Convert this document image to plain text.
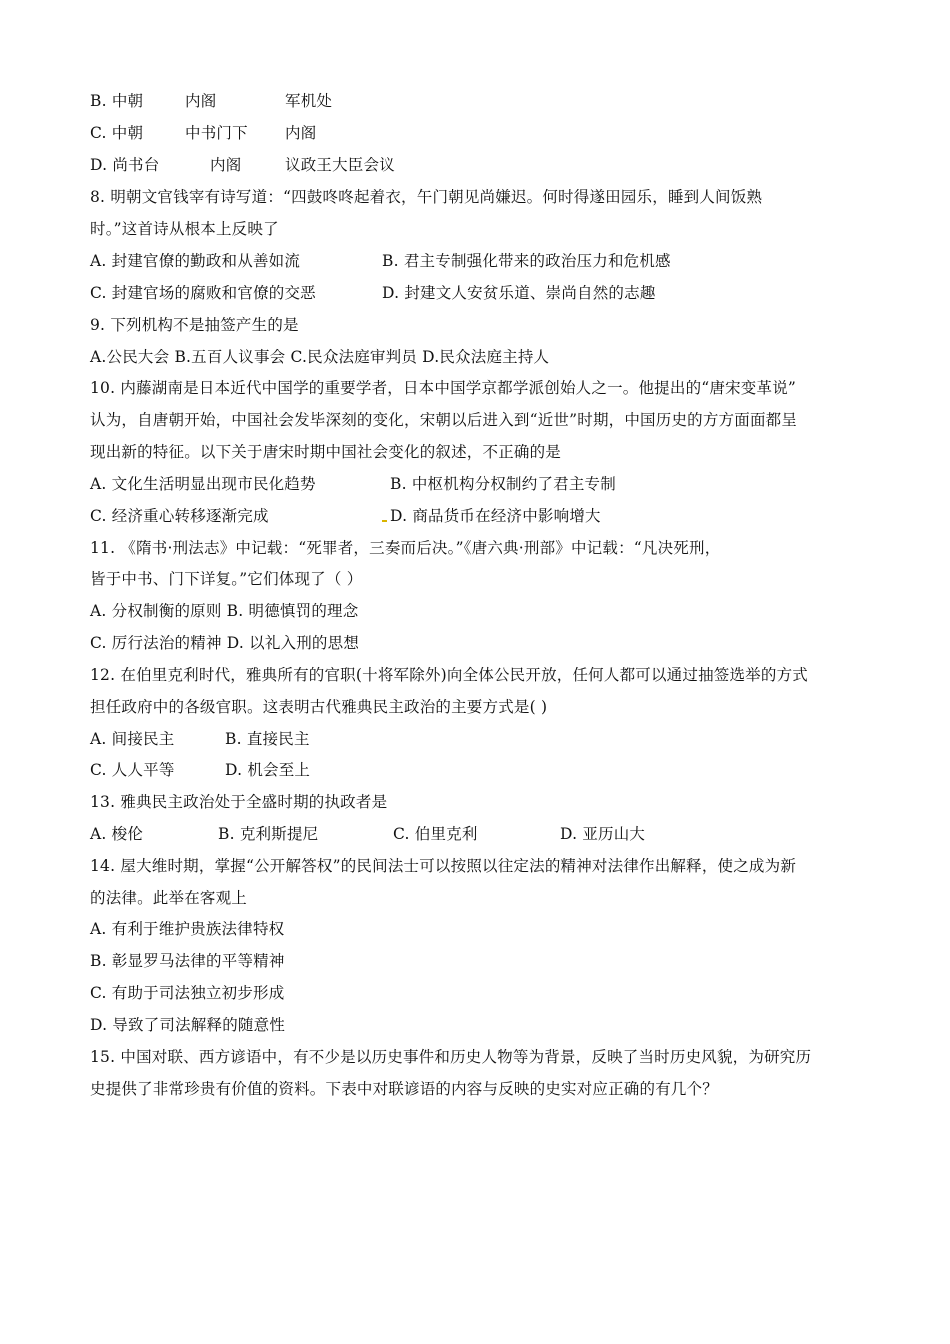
B. 中朝	内阁	军机处
C. 中朝	中书门下 内阁
D. 尚书台	内阁	议政王大臣会议
8. 明朝文官钱宰有诗写道：“四鼓咚咚起着衣，午门朝见尚嫌迟。何时得遂田园乐，睡到人间饭熟
时。”这首诗从根本上反映了
A. 封建官僚的勤政和从善如流	B. 君主专制强化带来的政治压力和危机感
C. 封建官场的腐败和官僚的交恶	D. 封建文人安贫乐道、崇尚自然的志趣
9. 下列机构不是抽签产生的是
A.公民大会 B.五百人议事会 C.民众法庭审判员 D.民众法庭主持人
10. 内藤湖南是日本近代中国学的重要学者，日本中国学京都学派创始人之一。他提出的“唐宋变革说”
认为，自唐朝开始，中国社会发毕深刻的变化，宋朝以后进入到“近世”时期，中国历史的方方面面都呈
现出新的特征。以下关于唐宋时期中国社会变化的叙述，不正确的是
A. 文化生活明显出现市民化趋势	B. 中枢机构分权制约了君主专制
C. 经济重心转移逐渐完成	D. 商品货币在经济中影响增大
11. 《隋书·刑法志》中记载：“死罪者，三奏而后决。”《唐六典·刑部》中记载：“凡决死刑，
皆于中书、门下详复。”它们体现了（ ）
A. 分权制衡的原则 B. 明德慎罚的理念
C. 厉行法治的精神 D. 以礼入刑的思想
12. 在伯里克利时代，雅典所有的官职(十将军除外)向全体公民开放，任何人都可以通过抽签选举的方式
担任政府中的各级官职。这表明古代雅典民主政治的主要方式是( )
A. 间接民主	B. 直接民主
C. 人人平等	D. 机会至上
13. 雅典民主政治处于全盛时期的执政者是
A. 梭伦	B. 克利斯提尼	C. 伯里克利	D. 亚历山大
14. 屋大维时期，掌握“公开解答权”的民间法士可以按照以往定法的精神对法律作出解释，使之成为新
的法律。此举在客观上
A. 有利于维护贵族法律特权
B. 彰显罗马法律的平等精神
C. 有助于司法独立初步形成
D. 导致了司法解释的随意性
15. 中国对联、西方谚语中，有不少是以历史事件和历史人物等为背景，反映了当时历史风貌，为研究历
史提供了非常珍贵有价值的资料。下表中对联谚语的内容与反映的史实对应正确的有几个？
